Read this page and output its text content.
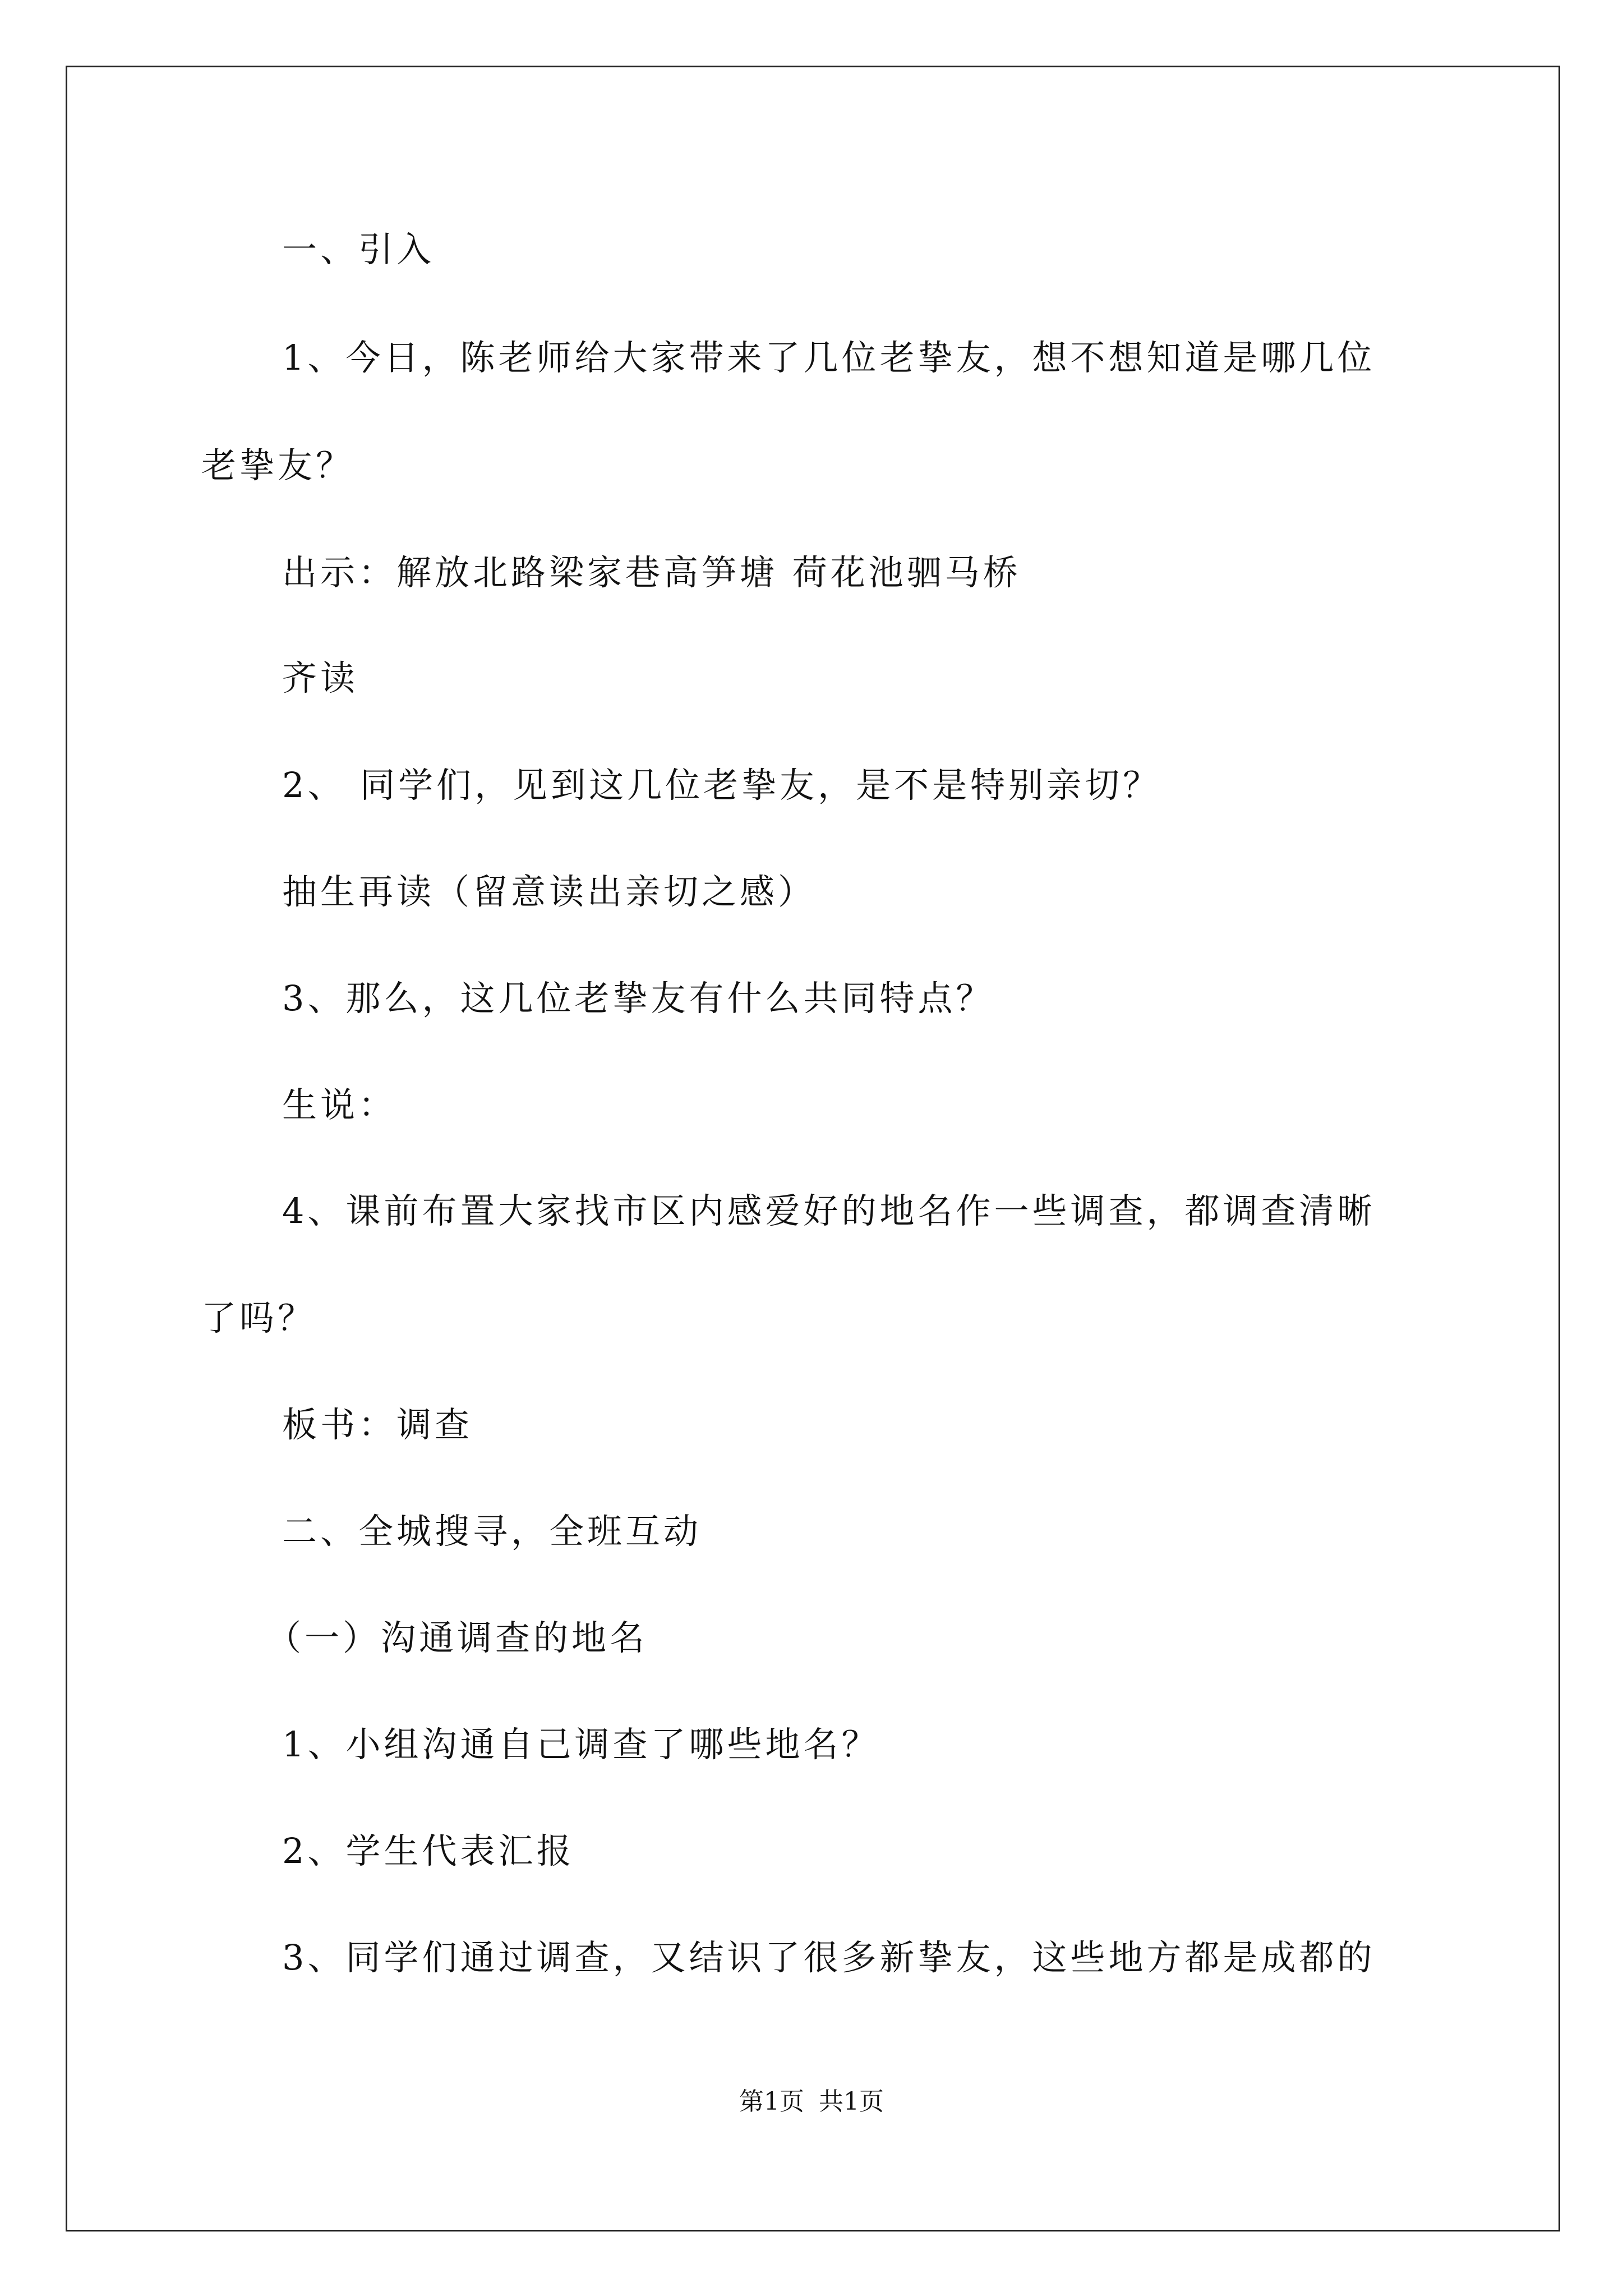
一、引入
1、今日，陈老师给大家带来了几位老挚友，想不想知道是哪几位
老挚友？
出示：解放北路梁家巷高笋塘 荷花池驷马桥
齐读
2、 同学们，见到这几位老挚友，是不是特别亲切？
抽生再读（留意读出亲切之感）
3、那么，这几位老挚友有什么共同特点？
生说：
4、课前布置大家找市区内感爱好的地名作一些调查，都调查清晰
了吗？
板书：调查
二、全城搜寻，全班互动
（一）沟通调查的地名
1、小组沟通自己调查了哪些地名？
2、学生代表汇报
3、同学们通过调查，又结识了很多新挚友，这些地方都是成都的
第1页 共1页
